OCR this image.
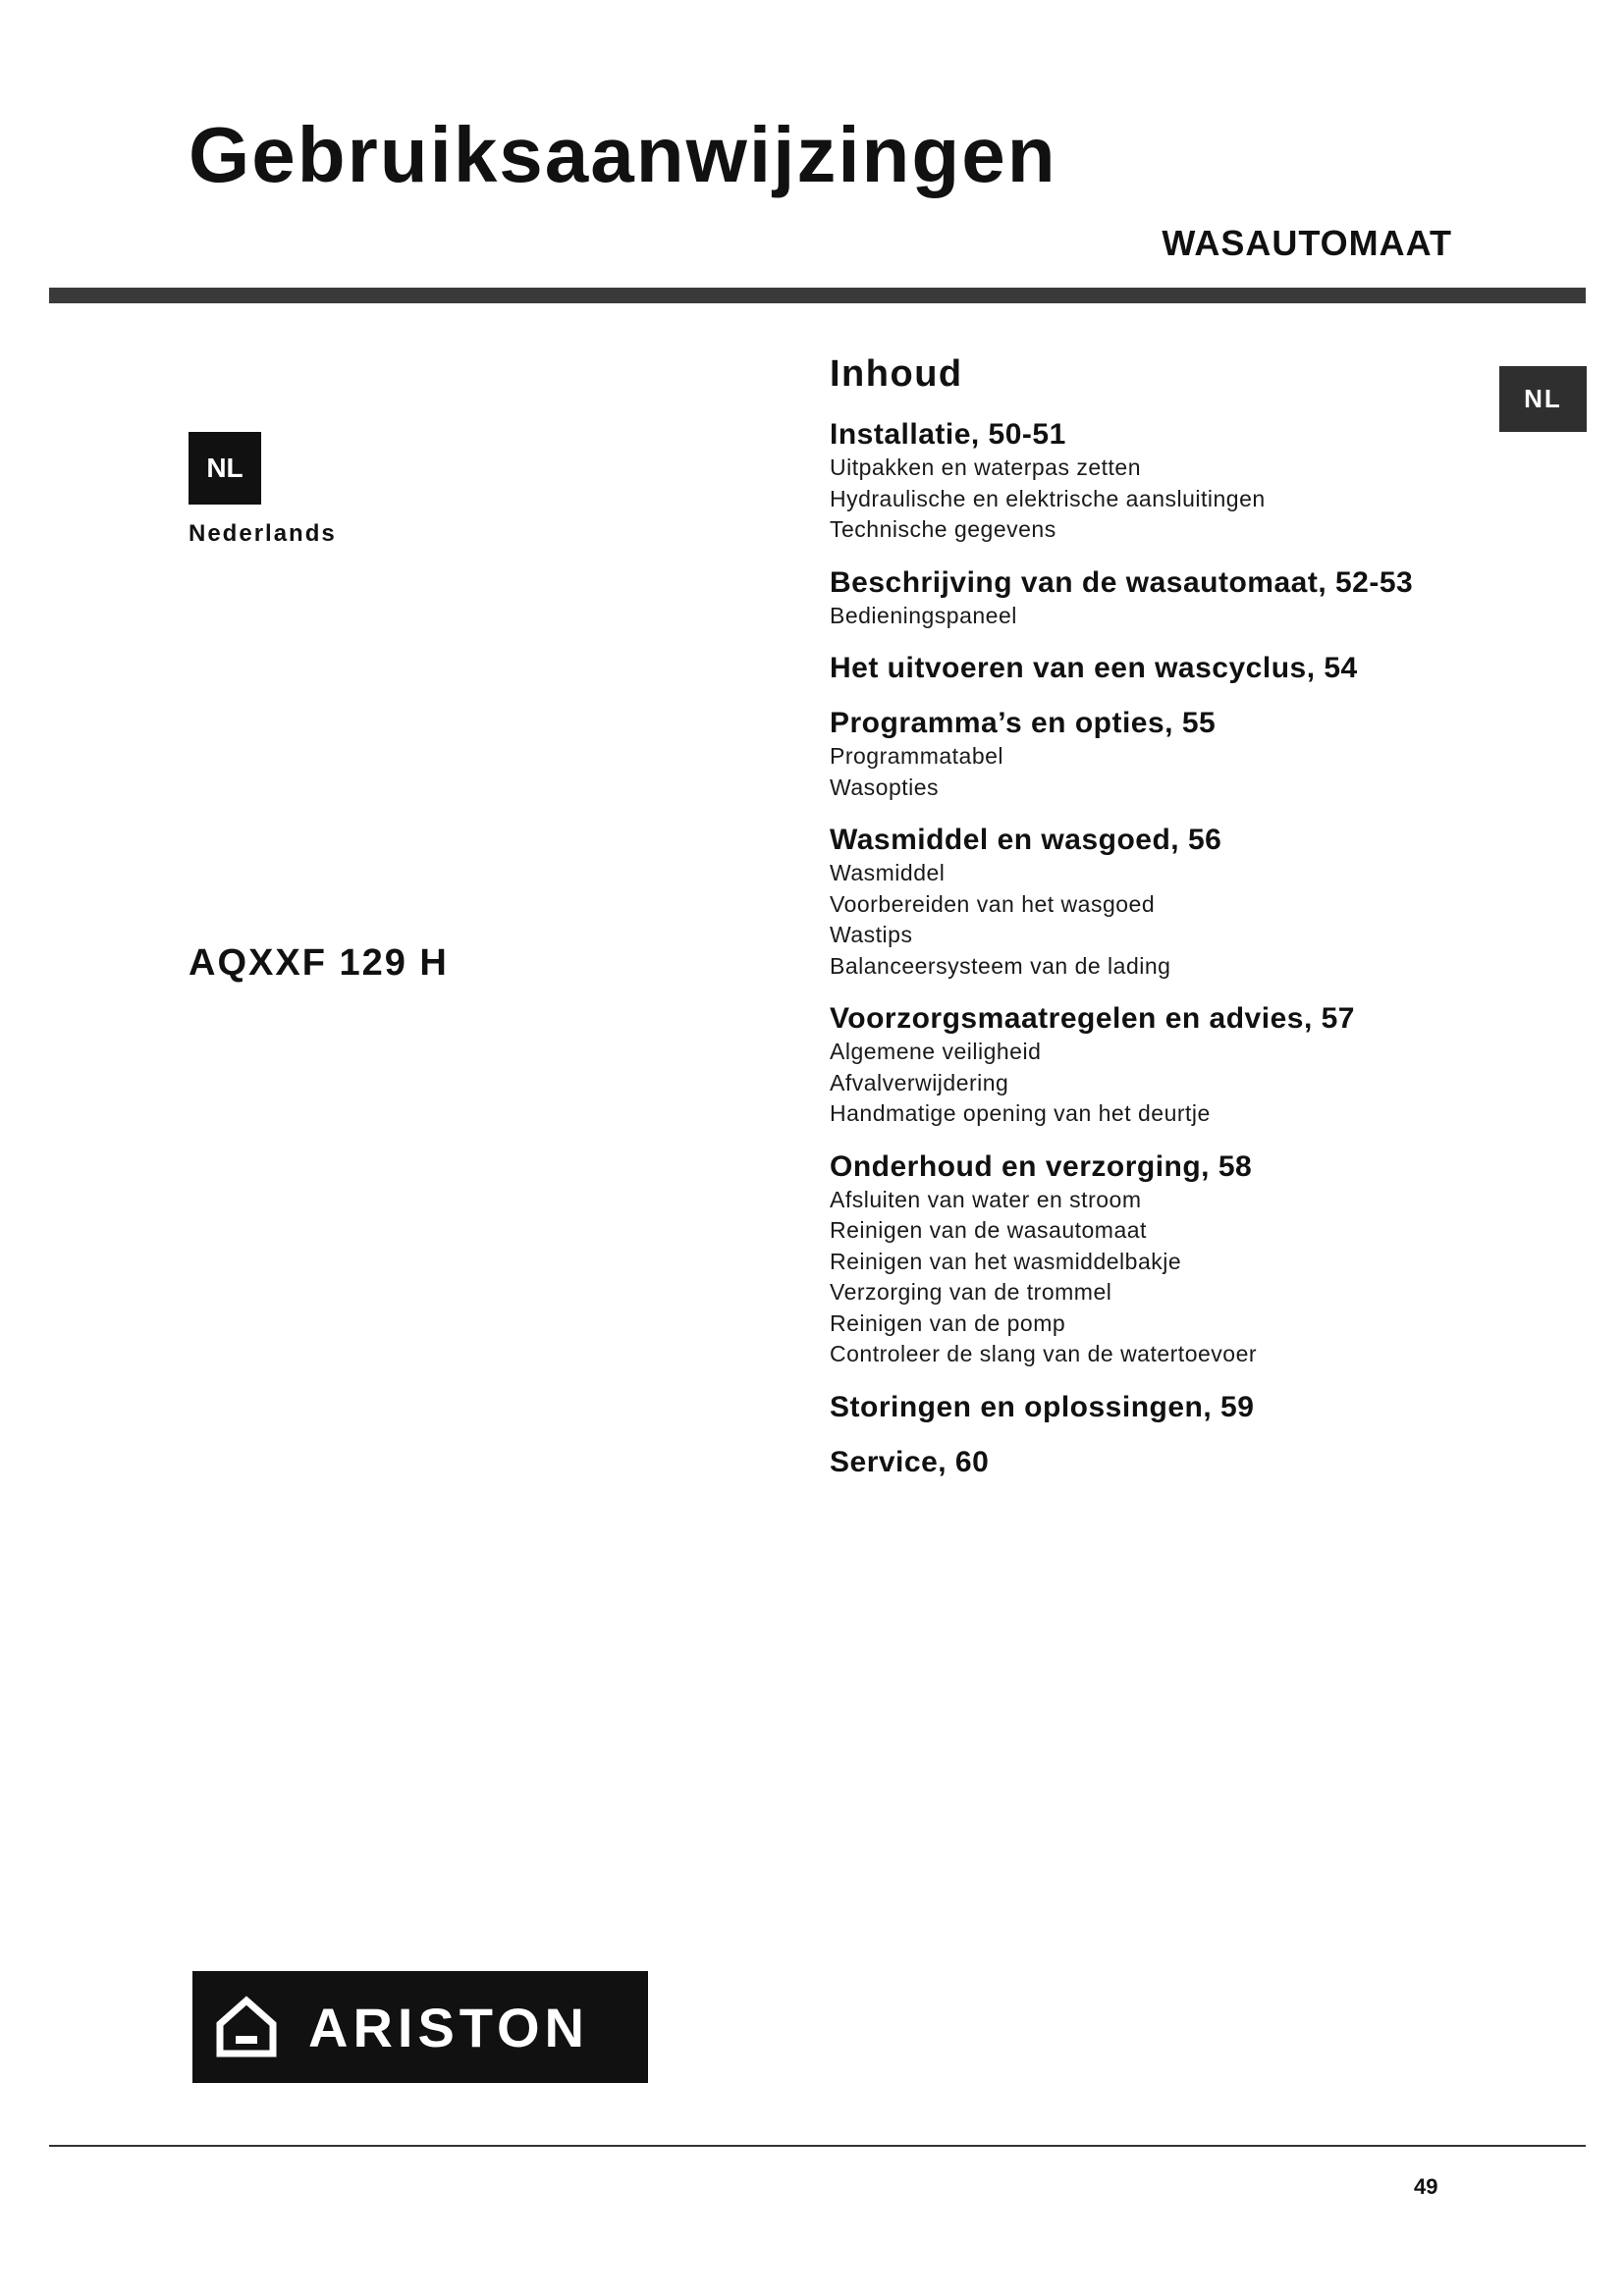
Gebruiksaanwijzingen
WASAUTOMAAT
NL
Nederlands
NL
AQXXF 129 H
Inhoud
Installatie, 50-51
Uitpakken en waterpas zetten
Hydraulische en elektrische aansluitingen
Technische gegevens
Beschrijving van de wasautomaat, 52-53
Bedieningspaneel
Het uitvoeren van een wascyclus, 54
Programma’s en opties, 55
Programmatabel
Wasopties
Wasmiddel en wasgoed, 56
Wasmiddel
Voorbereiden van het wasgoed
Wastips
Balanceersysteem van de lading
Voorzorgsmaatregelen en advies, 57
Algemene veiligheid
Afvalverwijdering
Handmatige opening van het deurtje
Onderhoud en verzorging, 58
Afsluiten van water en stroom
Reinigen van de wasautomaat
Reinigen van het wasmiddelbakje
Verzorging van de trommel
Reinigen van de pomp
Controleer de slang van de watertoevoer
Storingen en oplossingen, 59
Service, 60
ARISTON
49
